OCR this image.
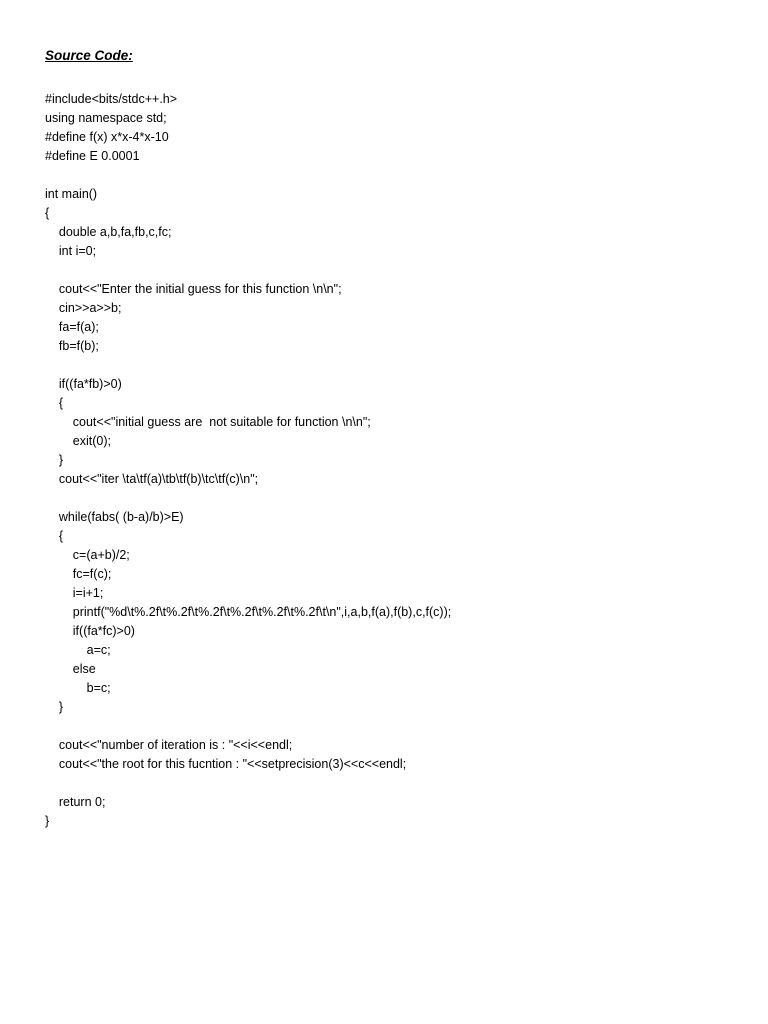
Source Code:
#include<bits/stdc++.h>
using namespace std;
#define f(x) x*x-4*x-10
#define E 0.0001
int main()
{
double a,b,fa,fb,c,fc;
int i=0;
cout<<"Enter the initial guess for this function \n\n";
cin>>a>>b;
fa=f(a);
fb=f(b);
if((fa*fb)>0)
{
cout<<"initial guess are  not suitable for function \n\n";
exit(0);
}
cout<<"iter \ta\tf(a)\tb\tf(b)\tc\tf(c)\n";
while(fabs( (b-a)/b)>E)
{
c=(a+b)/2;
fc=f(c);
i=i+1;
printf("%d\t%.2f\t%.2f\t%.2f\t%.2f\t%.2f\t%.2f\t\n",i,a,b,f(a),f(b),c,f(c));
if((fa*fc)>0)
a=c;
else
b=c;
}
cout<<"number of iteration is : "<<i<<endl;
cout<<"the root for this fucntion : "<<setprecision(3)<<c<<endl;
return 0;
}
